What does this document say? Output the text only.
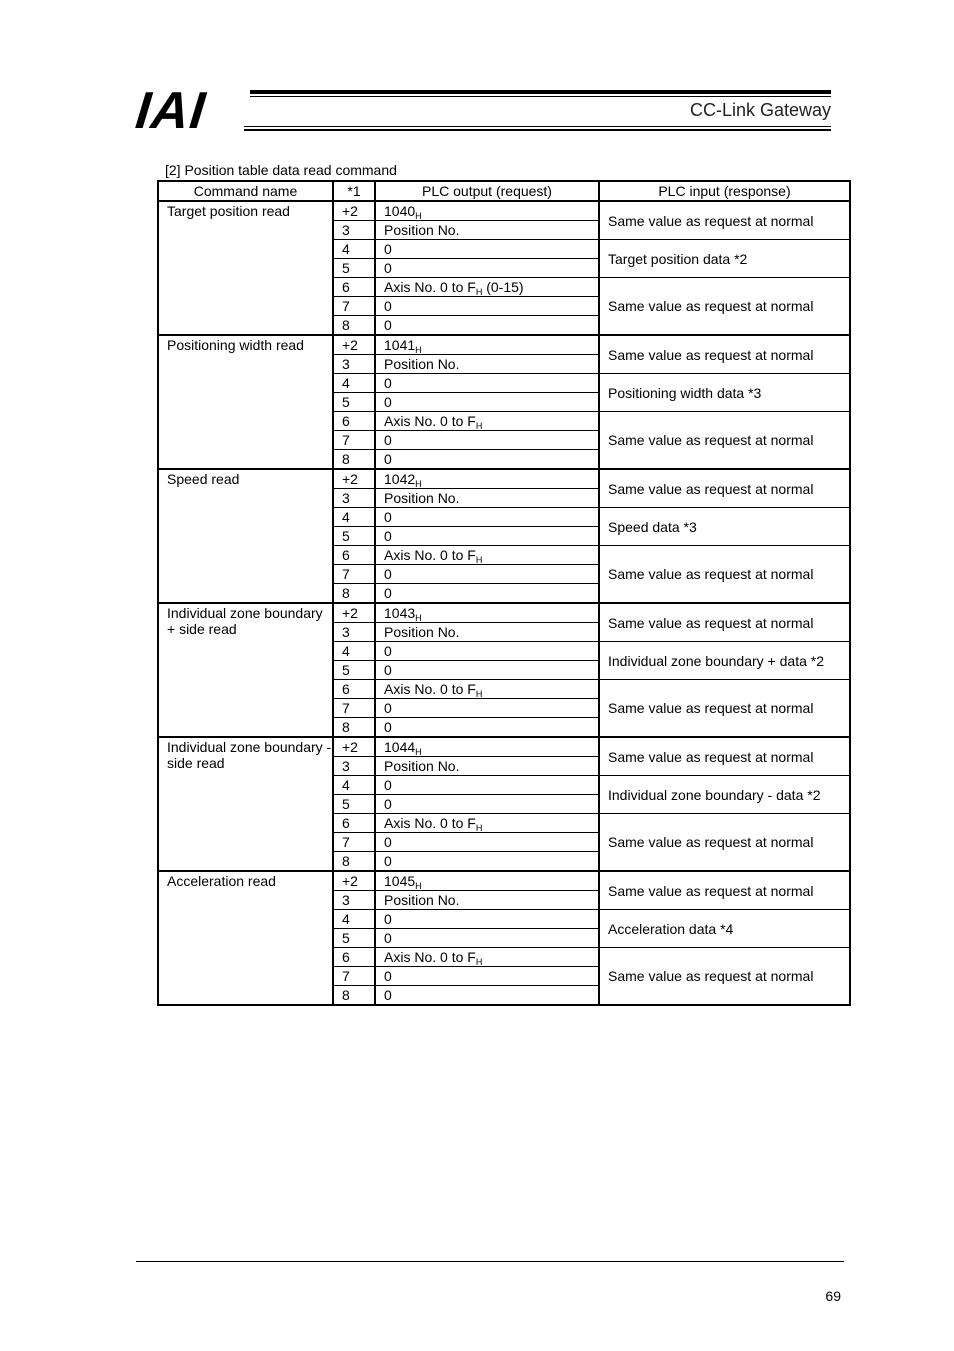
IAI	CC-Link Gateway
[2] Position table data read command
Command name	*1	PLC output (request)	PLC input (response)
Target position read	+2	$1040_H$	Same value as request at normal
	3	Position No.	
	4	0	Target position data *2
	5	0	
	6	Axis No. 0 to $F_H$ (0-15)	Same value as request at normal
	7	0	
	8	0	
Positioning width read	+2	$1041_H$	Same value as request at normal
	3	Position No.	
	4	0	Positioning width data *3
	5	0	
	6	Axis No. 0 to $F_H$	Same value as request at normal
	7	0	
	8	0	
Speed read	+2	$1042_H$	Same value as request at normal
	3	Position No.	
	4	0	Speed data *3
	5	0	
	6	Axis No. 0 to $F_H$	Same value as request at normal
	7	0	
	8	0	
Individual zone boundary + side read	+2	$1043_H$	Same value as request at normal
	3	Position No.	
	4	0	Individual zone boundary + data *2
	5	0	
	6	Axis No. 0 to $F_H$	Same value as request at normal
	7	0	
	8	0	
Individual zone boundary - side read	+2	$1044_H$	Same value as request at normal
	3	Position No.	
	4	0	Individual zone boundary - data *2
	5	0	
	6	Axis No. 0 to $F_H$	Same value as request at normal
	7	0	
	8	0	
Acceleration read	+2	$1045_H$	Same value as request at normal
	3	Position No.	
	4	0	Acceleration data *4
	5	0	
	6	Axis No. 0 to $F_H$	Same value as request at normal
	7	0	
	8	0	
69
